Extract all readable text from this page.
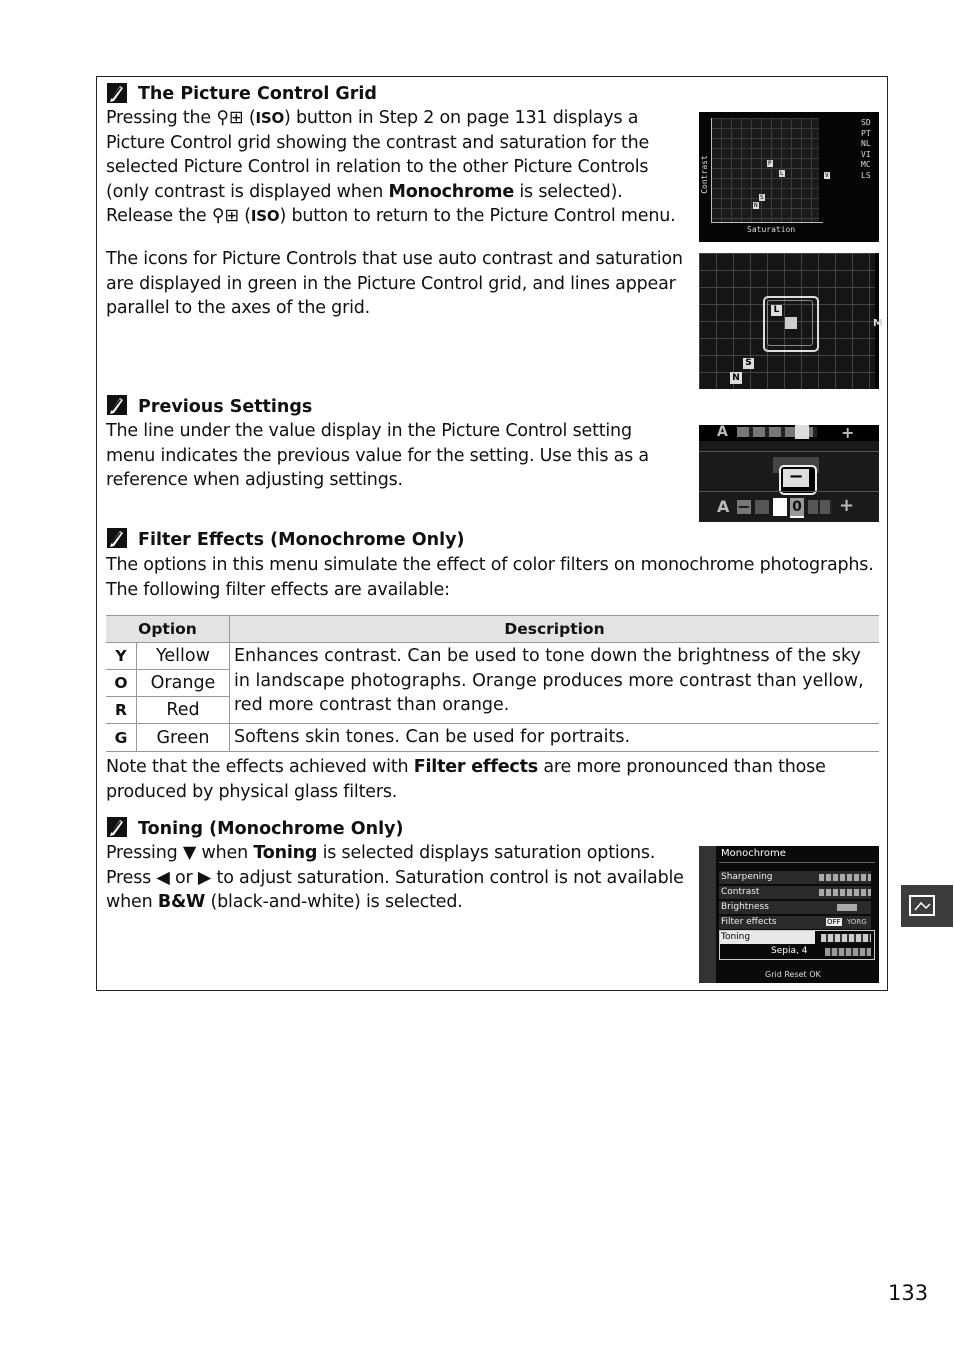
The Picture Control Grid
Pressing the ⚲⊞ (ISO) button in Step 2 on page 131 displays a Picture Control grid showing the contrast and saturation for the selected Picture Control in relation to the other Picture Controls (only contrast is displayed when Monochrome is selected). Release the ⚲⊞ (ISO) button to return to the Picture Control menu.
The icons for Picture Controls that use auto contrast and saturation are displayed in green in the Picture Control grid, and lines appear parallel to the axes of the grid.
Contrast
Saturation
P
L
S
N
V
SD
PT
NL
VI
MC
LS
L
S
N
M
Previous Settings
The line under the value display in the Picture Control setting menu indicates the previous value for the setting. Use this as a reference when adjusting settings.
A	+
−
A −	0 +
Filter Effects (Monochrome Only)
The options in this menu simulate the effect of color filters on monochrome photographs. The following filter effects are available:
Option		Description
Y	Yellow	Enhances contrast. Can be used to tone down the brightness of the sky in landscape photographs. Orange produces more contrast than yellow, red more contrast than orange.
O	Orange	
R	Red	
G	Green	Softens skin tones. Can be used for portraits.
Note that the effects achieved with Filter effects are more pronounced than those produced by physical glass filters.
Toning (Monochrome Only)
Pressing ▼ when Toning is selected displays saturation options. Press ◀ or ▶ to adjust saturation. Saturation control is not available when B&W (black-and-white) is selected.
Monochrome
Sharpening
Contrast
Brightness
Filter effects
Toning
OFF YORG
Sepia, 4
Grid Reset OK
133
